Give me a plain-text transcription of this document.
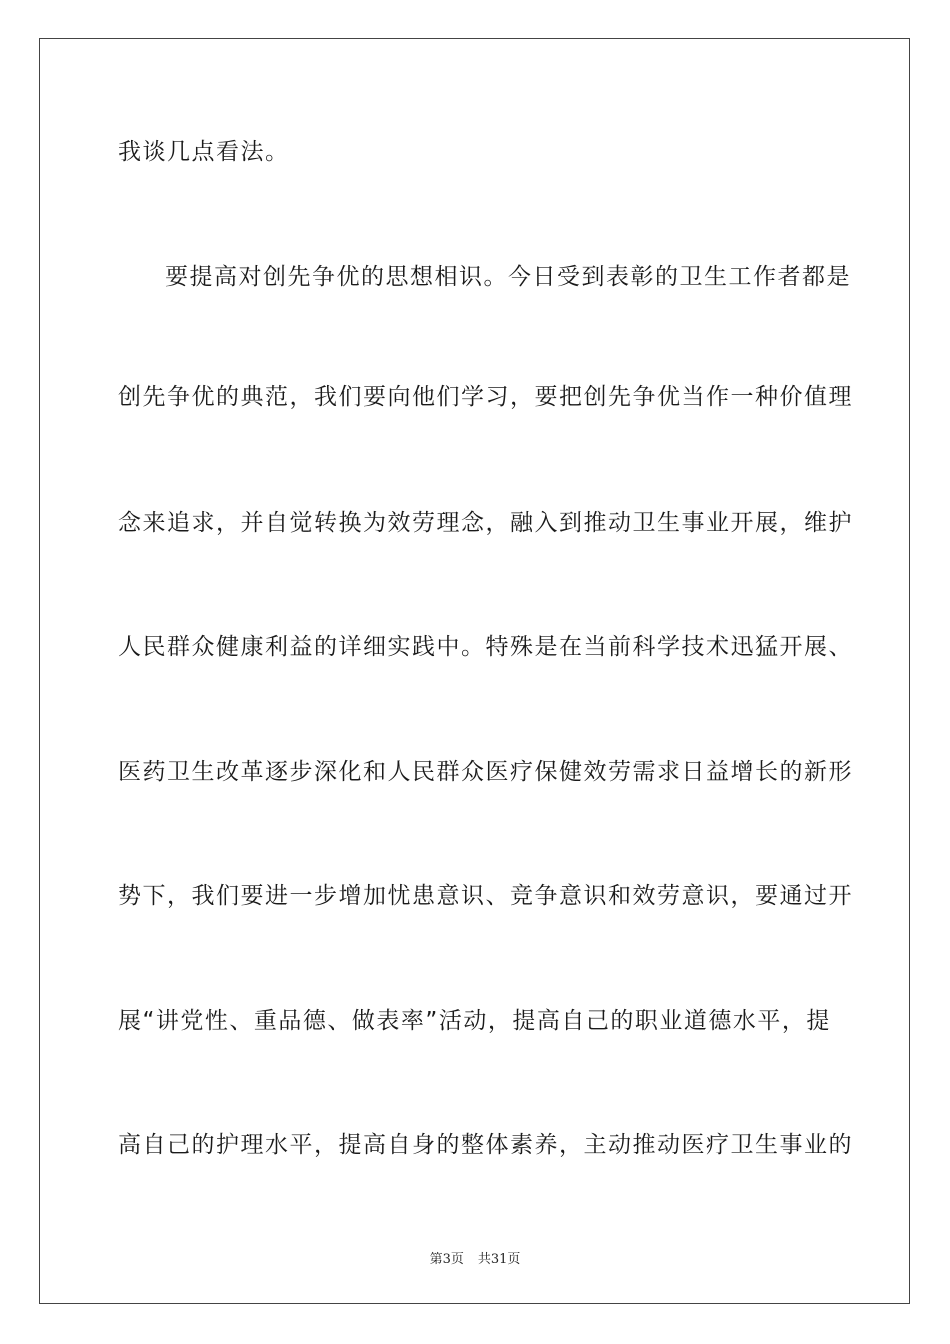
我谈几点看法。
要提高对创先争优的思想相识。今日受到表彰的卫生工作者都是
创先争优的典范，我们要向他们学习，要把创先争优当作一种价值理
念来追求，并自觉转换为效劳理念，融入到推动卫生事业开展，维护
人民群众健康利益的详细实践中。特殊是在当前科学技术迅猛开展、
医药卫生改革逐步深化和人民群众医疗保健效劳需求日益增长的新形
势下，我们要进一步增加忧患意识、竞争意识和效劳意识，要通过开
展“讲党性、重品德、做表率”活动，提高自己的职业道德水平，提
高自己的护理水平，提高自身的整体素养，主动推动医疗卫生事业的
第3页 共31页
